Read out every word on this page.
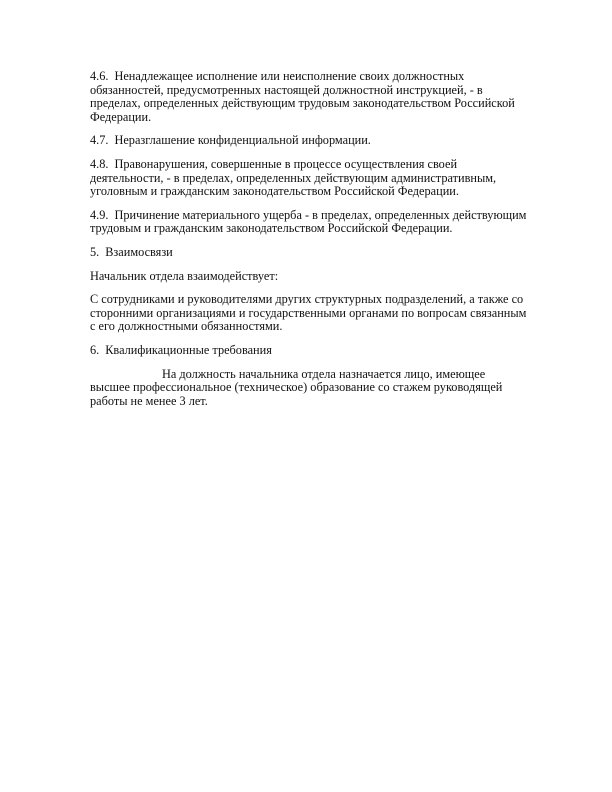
4.6. Ненадлежащее исполнение или неисполнение своих должностных обязанностей, предусмотренных настоящей должностной инструкцией, - в пределах, определенных действующим трудовым законодательством Российской Федерации.

4.7. Неразглашение конфиденциальной информации.

4.8. Правонарушения, совершенные в процессе осуществления своей деятельности, - в пределах, определенных действующим административным, уголовным и гражданским законодательством Российской Федерации.

4.9. Причинение материального ущерба - в пределах, определенных действующим трудовым и гражданским законодательством Российской Федерации.

5. Взаимосвязи

Начальник отдела взаимодействует:

С сотрудниками и руководителями других структурных подразделений, а также со сторонними организациями и государственными органами по вопросам связанным с его должностными обязанностями.

6. Квалификационные требования

На должность начальника отдела назначается лицо, имеющее высшее профессиональное (техническое) образование со стажем руководящей работы не менее 3 лет.
